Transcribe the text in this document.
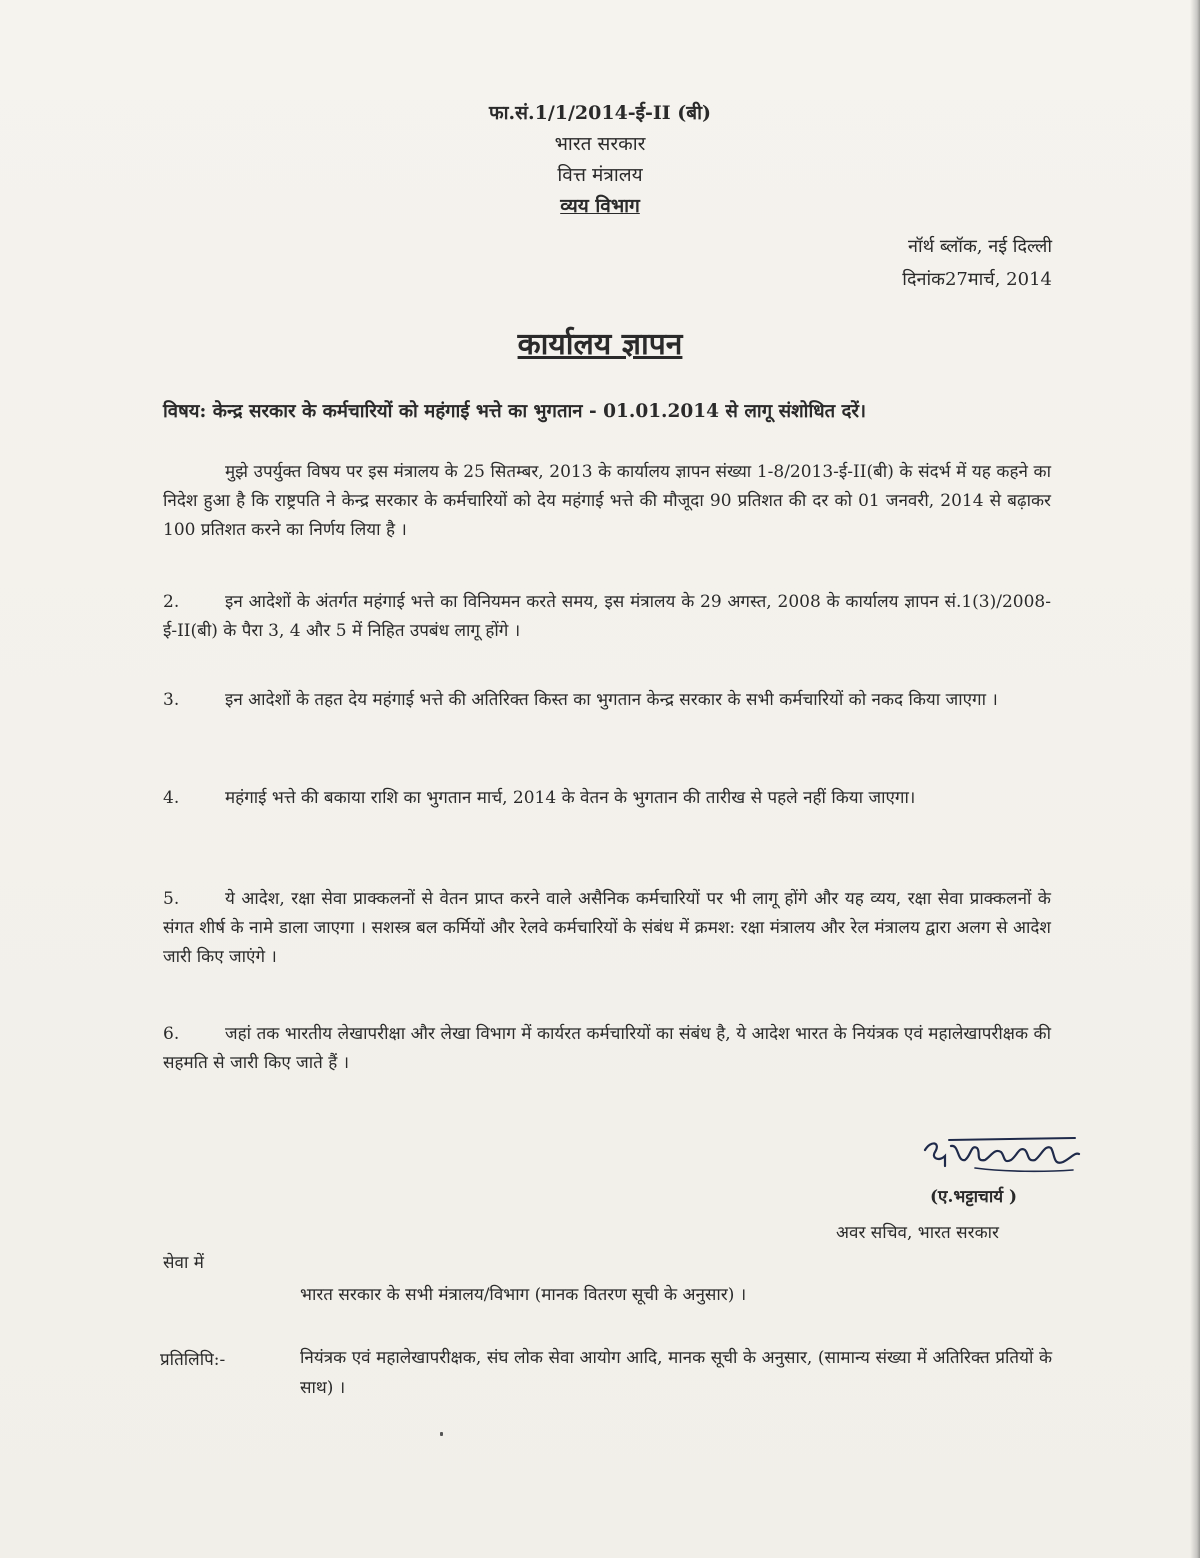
फा.सं.1/1/2014-ई-II (बी)
भारत सरकार
वित्त मंत्रालय
व्यय विभाग
नॉर्थ ब्लॉक, नई दिल्ली
दिनांक27मार्च, 2014
कार्यालय ज्ञापन
विषय: केन्द्र सरकार के कर्मचारियों को महंगाई भत्ते का भुगतान - 01.01.2014 से लागू संशोधित दरें।
मुझे उपर्युक्त विषय पर इस मंत्रालय के 25 सितम्बर, 2013 के कार्यालय ज्ञापन संख्या 1-8/2013-ई-II(बी) के संदर्भ में यह कहने का निदेश हुआ है कि राष्ट्रपति ने केन्द्र सरकार के कर्मचारियों को देय महंगाई भत्ते की मौजूदा 90 प्रतिशत की दर को 01 जनवरी, 2014 से बढ़ाकर 100 प्रतिशत करने का निर्णय लिया है ।
2.	इन आदेशों के अंतर्गत महंगाई भत्ते का विनियमन करते समय, इस मंत्रालय के 29 अगस्त, 2008 के कार्यालय ज्ञापन सं.1(3)/2008-ई-II(बी) के पैरा 3, 4 और 5 में निहित उपबंध लागू होंगे ।
3.	इन आदेशों के तहत देय महंगाई भत्ते की अतिरिक्त किस्त का भुगतान केन्द्र सरकार के सभी कर्मचारियों को नकद किया जाएगा ।
4.	महंगाई भत्ते की बकाया राशि का भुगतान मार्च, 2014 के वेतन के भुगतान की तारीख से पहले नहीं किया जाएगा।
5.	ये आदेश, रक्षा सेवा प्राक्कलनों से वेतन प्राप्त करने वाले असैनिक कर्मचारियों पर भी लागू होंगे और यह व्यय, रक्षा सेवा प्राक्कलनों के संगत शीर्ष के नामे डाला जाएगा । सशस्त्र बल कर्मियों और रेलवे कर्मचारियों के संबंध में क्रमश: रक्षा मंत्रालय और रेल मंत्रालय द्वारा अलग से आदेश जारी किए जाएंगे ।
6.	जहां तक भारतीय लेखापरीक्षा और लेखा विभाग में कार्यरत कर्मचारियों का संबंध है, ये आदेश भारत के नियंत्रक एवं महालेखापरीक्षक की सहमति से जारी किए जाते हैं ।
(ए.भट्टाचार्य )
अवर सचिव, भारत सरकार
सेवा में
भारत सरकार के सभी मंत्रालय/विभाग (मानक वितरण सूची के अनुसार) ।
प्रतिलिपि:-	नियंत्रक एवं महालेखापरीक्षक, संघ लोक सेवा आयोग आदि, मानक सूची के अनुसार, (सामान्य संख्या में अतिरिक्त प्रतियों के साथ) ।
